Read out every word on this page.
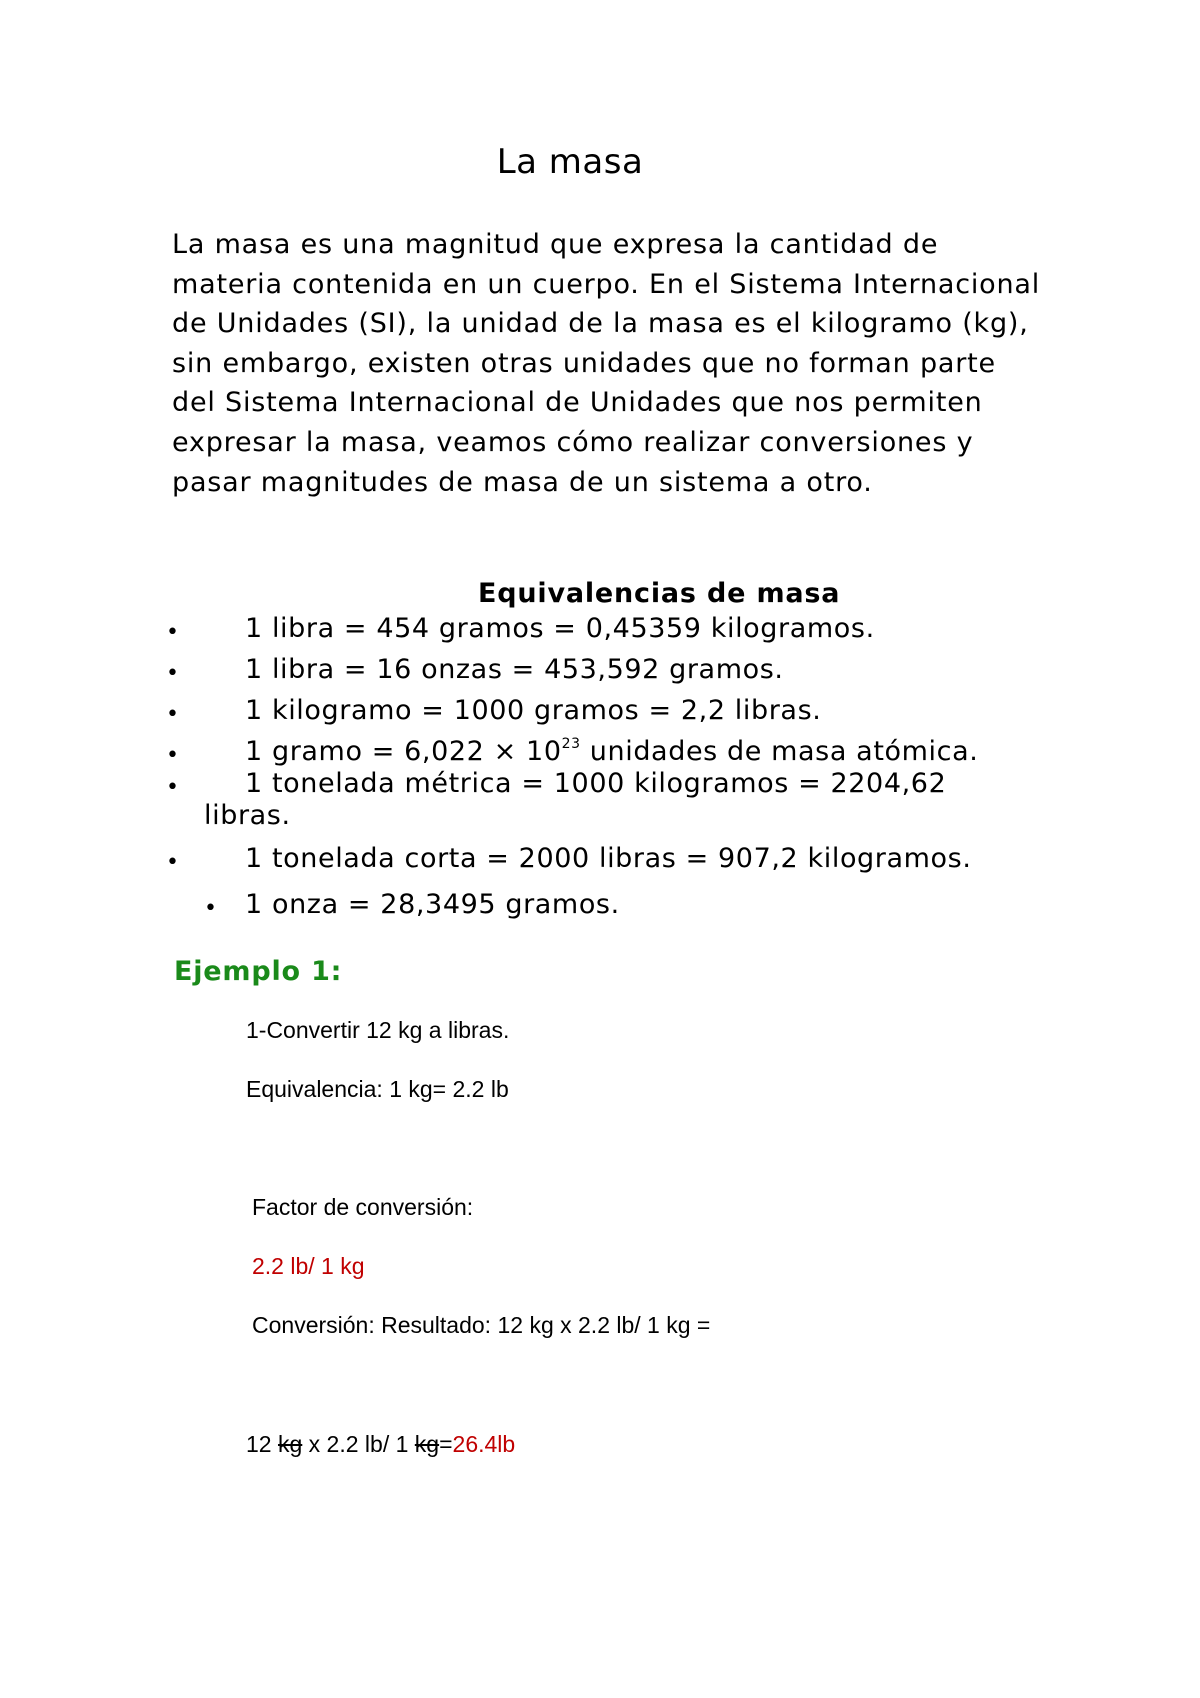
La masa

La masa es una magnitud que expresa la cantidad de materia contenida en un cuerpo. En el Sistema Internacional de Unidades (SI), la unidad de la masa es el kilogramo (kg), sin embargo, existen otras unidades que no forman parte del Sistema Internacional de Unidades que nos permiten expresar la masa, veamos cómo realizar conversiones y pasar magnitudes de masa de un sistema a otro.

Equivalencias de masa
• 1 libra = 454 gramos = 0,45359 kilogramos.
• 1 libra = 16 onzas = 453,592 gramos.
• 1 kilogramo = 1000 gramos = 2,2 libras.
• 1 gramo = $6,022 \times 10^{23}$ unidades de masa atómica.
• 1 tonelada métrica = 1000 kilogramos = 2204,62
libras.
• 1 tonelada corta = 2000 libras = 907,2 kilogramos.
• 1 onza = 28,3495 gramos.
Ejemplo 1:
1-Convertir 12 kg a libras.
Equivalencia: 1 kg= 2.2 lb
Factor de conversión:
2.2 lb/ 1 kg
Conversión: Resultado: 12 kg x 2.2 lb/ 1 kg =
12 kg x 2.2 lb/ 1 kg=26.4lb
